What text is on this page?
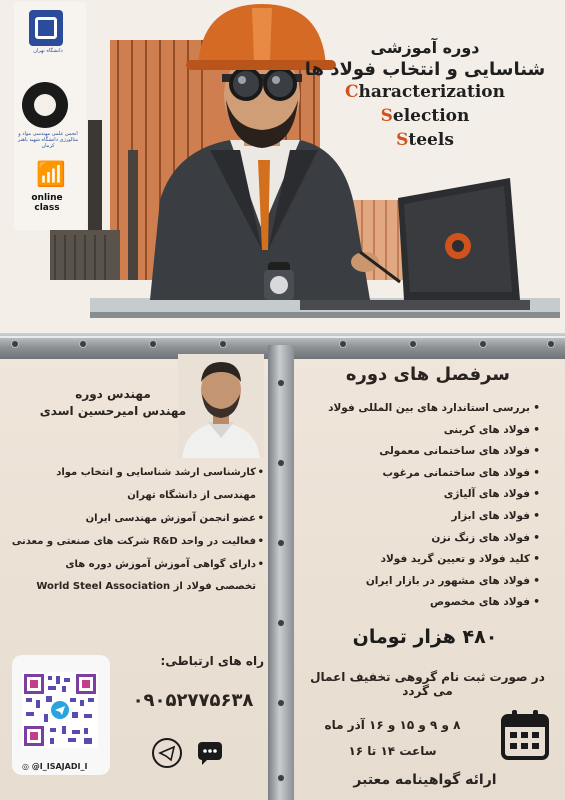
دانشگاه تهران
انجمن علمی مهندسی مواد و متالورژی دانشگاه شهید باهنر کرمان
📶
online class
دوره آموزشی
شناسایی و انتخاب فولاد ها
Characterization
Selection
Steels
مهندس دوره
مهندس امیرحسین اسدی
• کارشناسی ارشد شناسایی و انتخاب مواد
مهندسی از دانشگاه تهران
• عضو انجمن آموزش مهندسی ایران
• فعالیت در واحد R&D شرکت های صنعتی و معدنی
• دارای گواهی آموزش آموزش دوره های
تخصصی فولاد از World Steel Association
راه های ارتباطی:
◎ @I_ISAJADI_I
۰۹۰۵۲۷۷۵۶۳۸
سرفصل های دوره
• بررسی استاندارد های بین المللی فولاد
• فولاد های کربنی
• فولاد های ساختمانی معمولی
• فولاد های ساختمانی مرغوب
• فولاد های آلیاژی
• فولاد های ابزار
• فولاد های زنگ نزن
• کلید فولاد و تعیین گرید فولاد
• فولاد های مشهور در بازار ایران
• فولاد های مخصوص
۴۸۰ هزار تومان
در صورت ثبت نام گروهی تخفیف اعمال می گردد
۸ و ۹ و ۱۵ و ۱۶ آذر ماه
ساعت ۱۴ تا ۱۶
ارائه گواهینامه معتبر
